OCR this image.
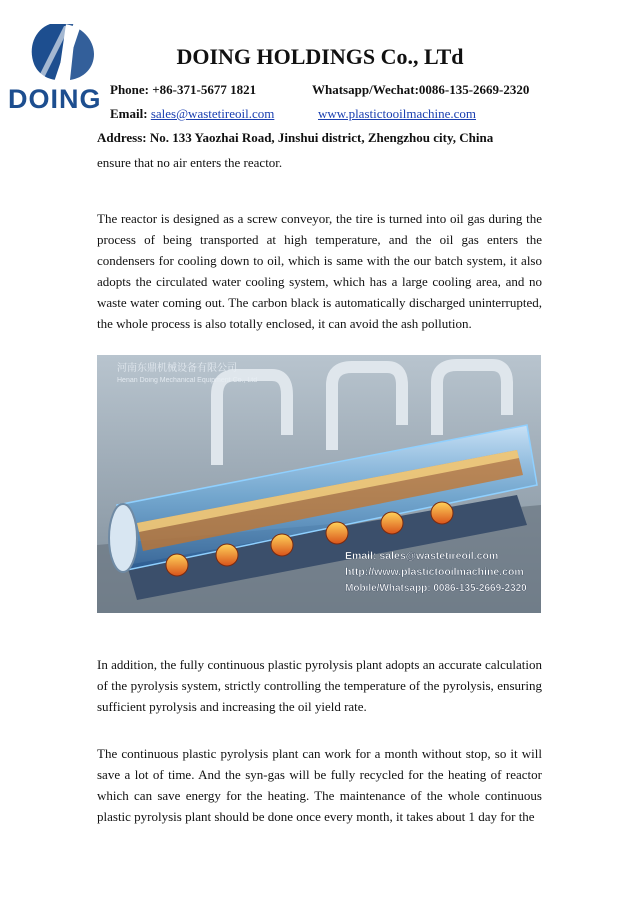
DOING
DOING HOLDINGS Co., LTd
Phone: +86-371-5677 1821	Whatsapp/Wechat:0086-135-2669-2320
Email: sales@wastetireoil.com	www.plastictooilmachine.com
Address: No. 133 Yaozhai Road, Jinshui district, Zhengzhou city, China

ensure that no air enters the reactor.

The reactor is designed as a screw conveyor, the tire is turned into oil gas during the process of being transported at high temperature, and the oil gas enters the condensers for cooling down to oil, which is same with the our batch system, it also adopts the circulated water cooling system, which has a large cooling area, and no waste water coming out. The carbon black is automatically discharged uninterrupted, the whole process is also totally enclosed, it can avoid the ash pollution.

河南东鼎机械设备有限公司
Henan Doing Mechanical Equipment Co., Ltd
Email: sales@wastetireoil.com
http://www.plastictooilmachine.com
Mobile/Whatsapp: 0086-135-2669-2320

In addition, the fully continuous plastic pyrolysis plant adopts an accurate calculation of the pyrolysis system, strictly controlling the temperature of the pyrolysis, ensuring sufficient pyrolysis and increasing the oil yield rate.

The continuous plastic pyrolysis plant can work for a month without stop, so it will save a lot of time. And the syn-gas will be fully recycled for the heating of reactor which can save energy for the heating. The maintenance of the whole continuous plastic pyrolysis plant should be done once every month, it takes about 1 day for the
